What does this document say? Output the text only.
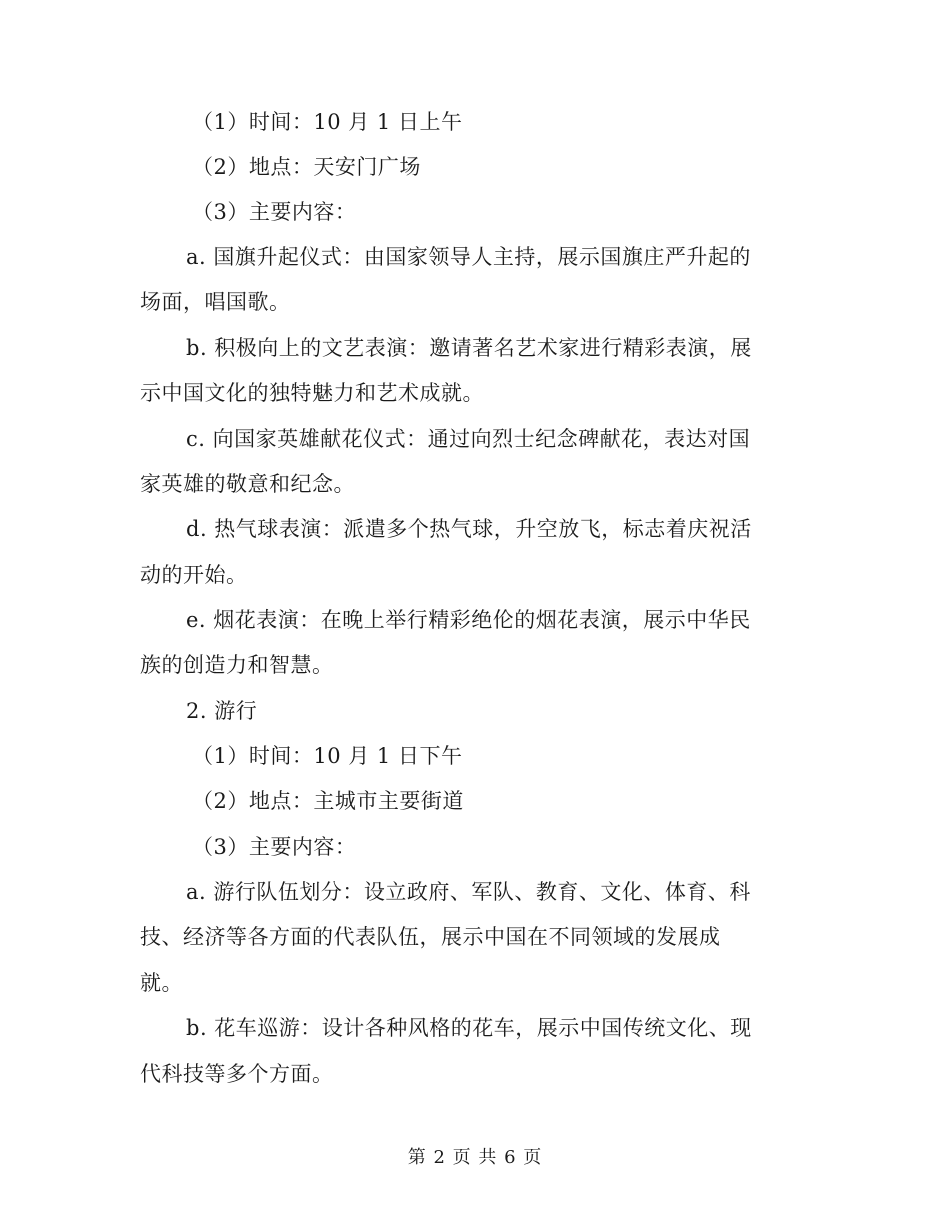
（1）时间：10 月 1 日上午
（2）地点：天安门广场
（3）主要内容：
a. 国旗升起仪式：由国家领导人主持，展示国旗庄严升起的
场面，唱国歌。
b. 积极向上的文艺表演：邀请著名艺术家进行精彩表演，展
示中国文化的独特魅力和艺术成就。
c. 向国家英雄献花仪式：通过向烈士纪念碑献花，表达对国
家英雄的敬意和纪念。
d. 热气球表演：派遣多个热气球，升空放飞，标志着庆祝活
动的开始。
e. 烟花表演：在晚上举行精彩绝伦的烟花表演，展示中华民
族的创造力和智慧。
2. 游行
（1）时间：10 月 1 日下午
（2）地点：主城市主要街道
（3）主要内容：
a. 游行队伍划分：设立政府、军队、教育、文化、体育、科
技、经济等各方面的代表队伍，展示中国在不同领域的发展成
就。
b. 花车巡游：设计各种风格的花车，展示中国传统文化、现
代科技等多个方面。
第 2 页 共 6 页
